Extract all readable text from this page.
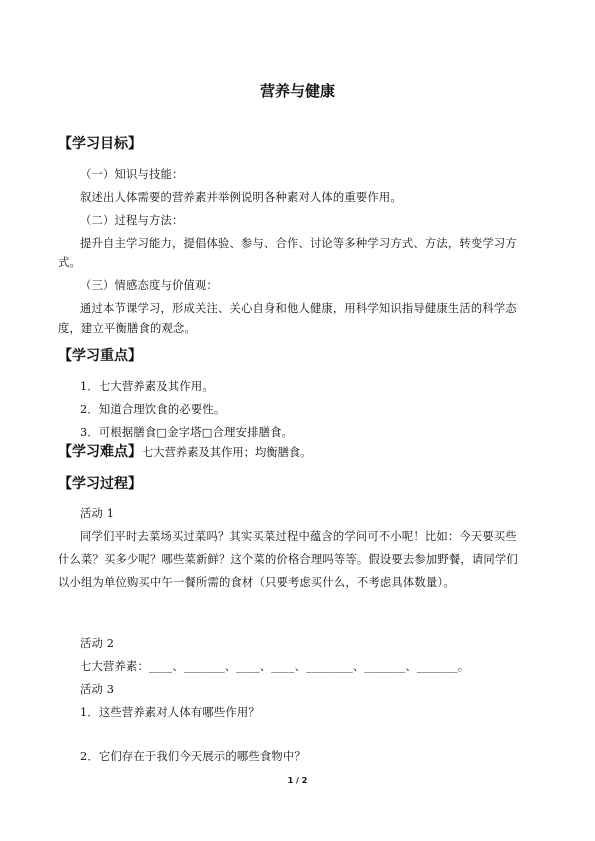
营养与健康
【学习目标】
（一）知识与技能：
叙述出人体需要的营养素并举例说明各种素对人体的重要作用。
（二）过程与方法：
提升自主学习能力，提倡体验、参与、合作、讨论等多种学习方式、方法，转变学习方
式。
（三）情感态度与价值观：
通过本节课学习，形成关注、关心自身和他人健康，用科学知识指导健康生活的科学态
度，建立平衡膳食的观念。
【学习重点】
1．七大营养素及其作用。
2．知道合理饮食的必要性。
3．可根据膳食□金字塔□合理安排膳食。
【学习难点】七大营养素及其作用；均衡膳食。
【学习过程】
活动 1
同学们平时去菜场买过菜吗？其实买菜过程中蕴含的学问可不小呢！比如：今天要买些
什么菜？买多少呢？哪些菜新鲜？这个菜的价格合理吗等等。假设要去参加野餐，请同学们
以小组为单位购买中午一餐所需的食材（只要考虑买什么，不考虑具体数量）。
活动 2
七大营养素：____、_______、____、____、________、_______、_______。
活动 3
1．这些营养素对人体有哪些作用？
2．它们存在于我们今天展示的哪些食物中？
1 / 2
